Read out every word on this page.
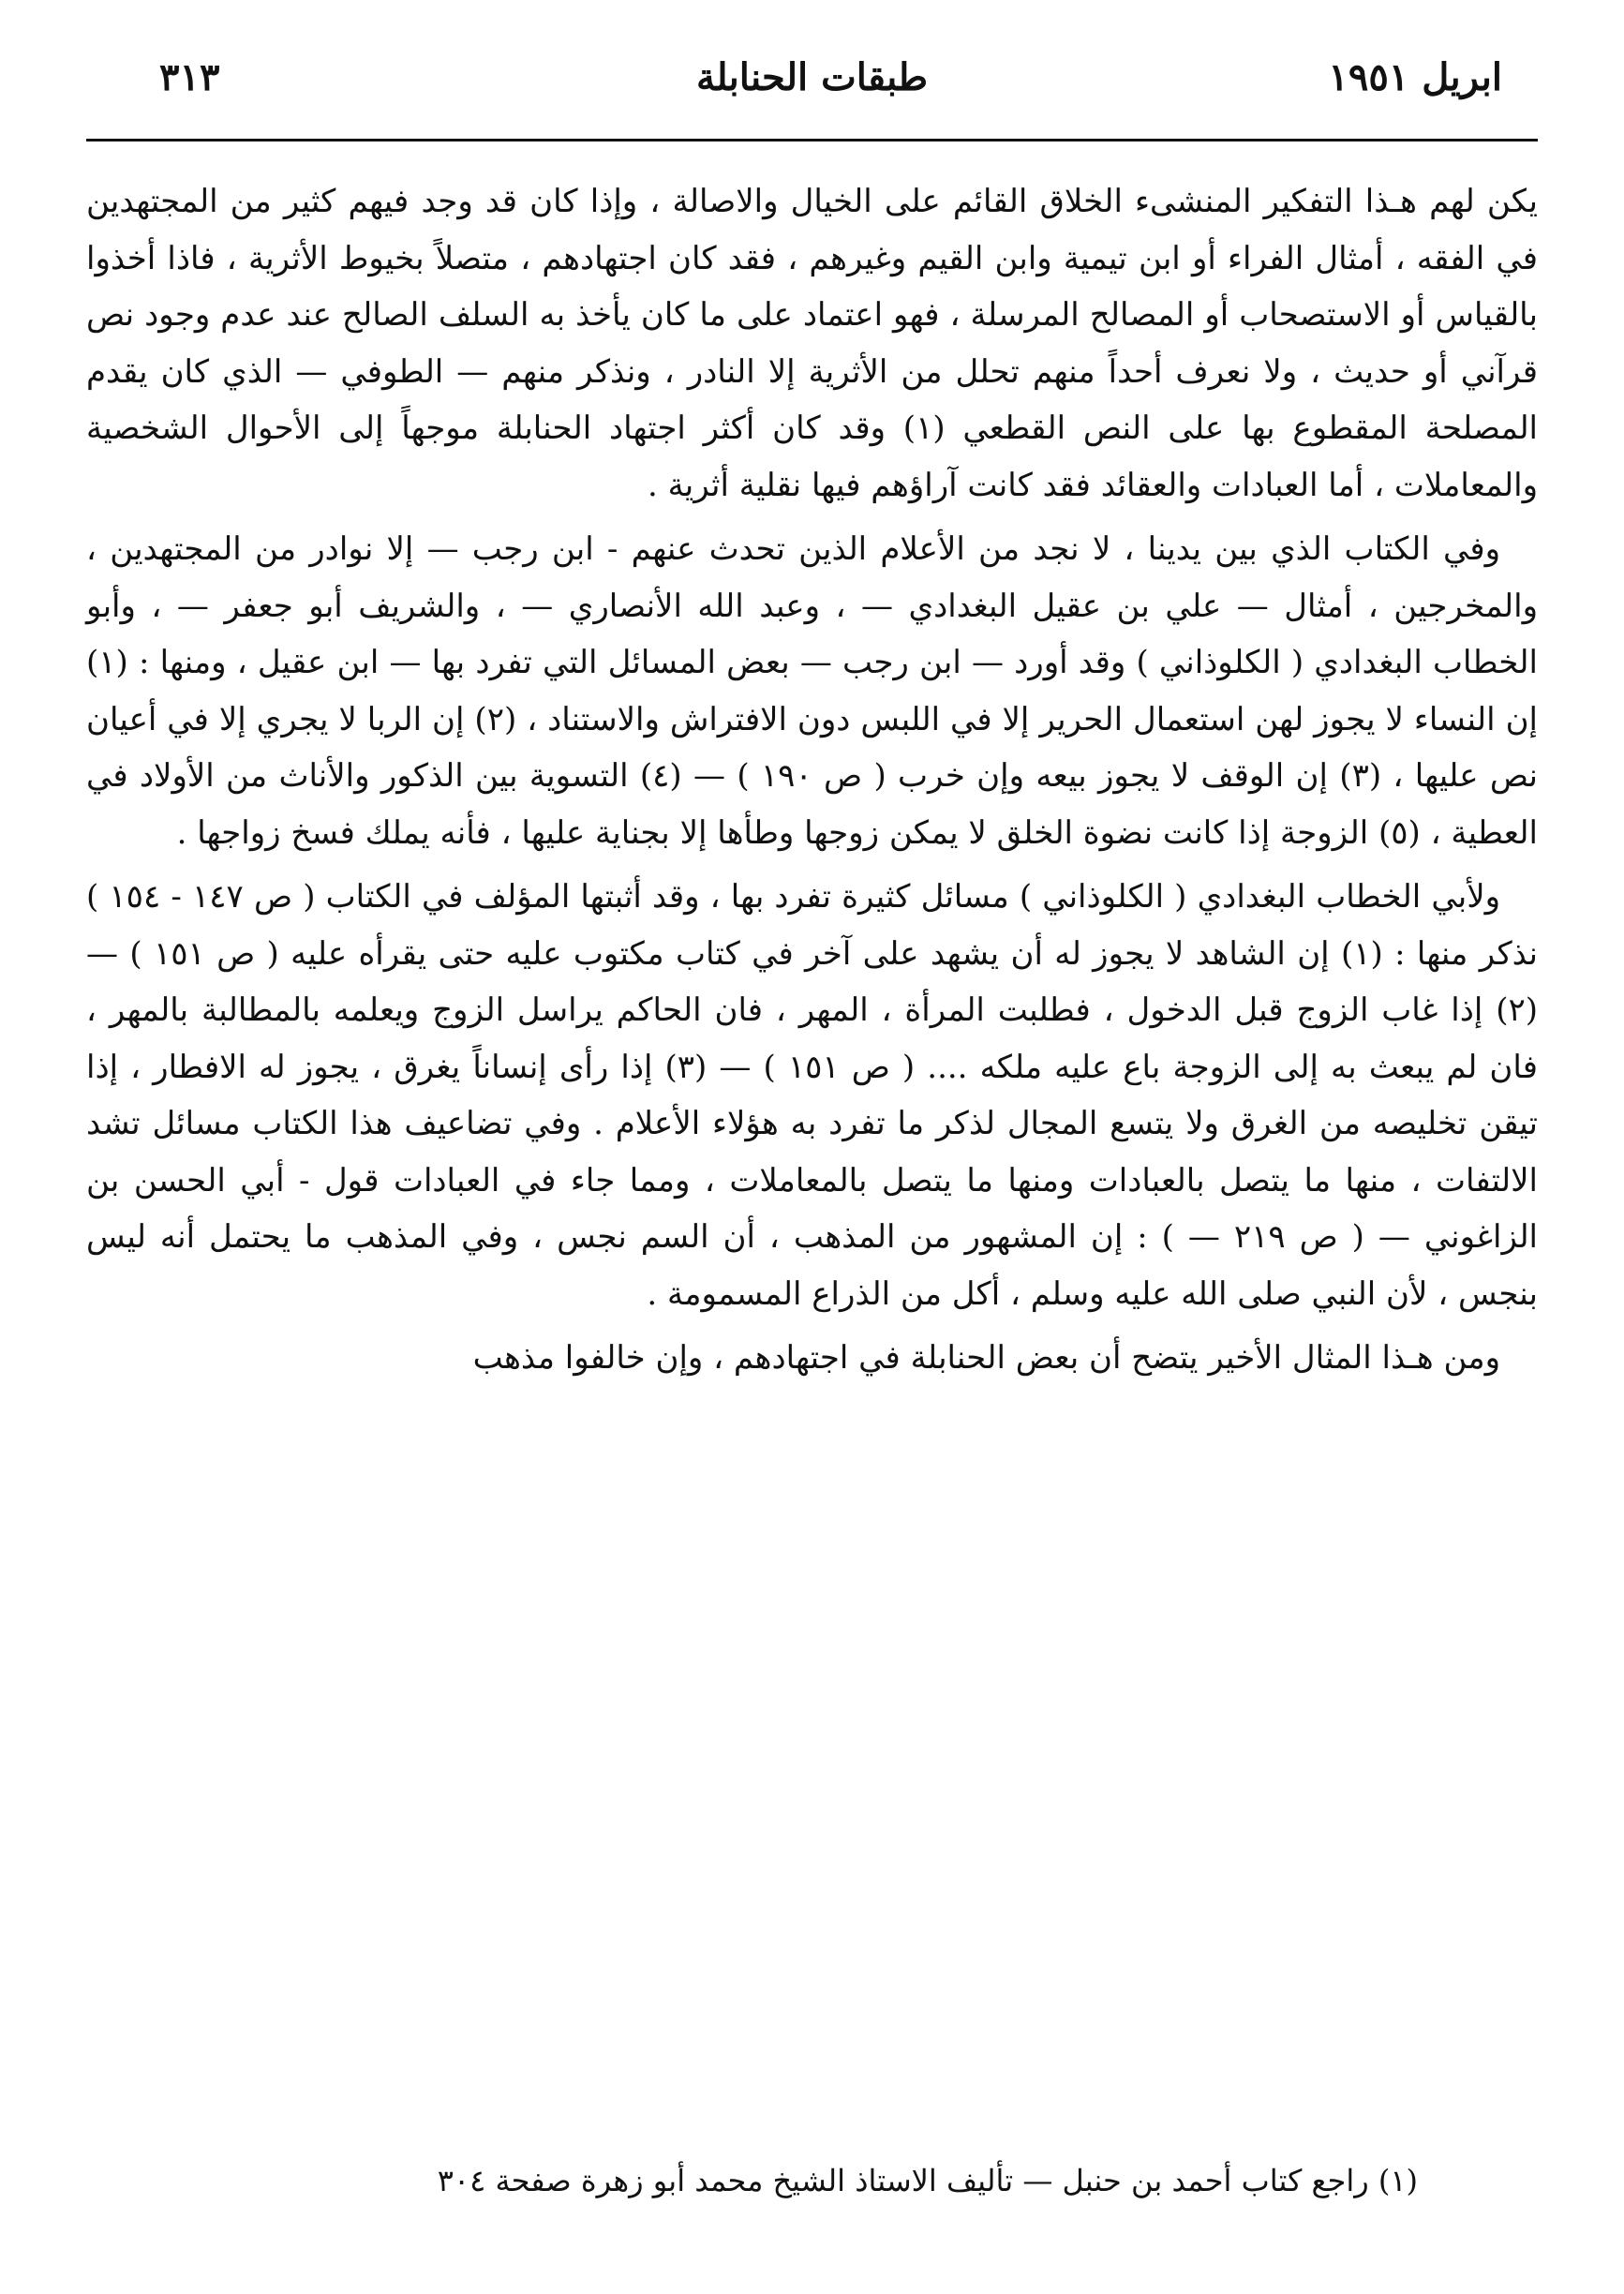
ابريل ١٩٥١
طبقات الحنابلة
٣١٣

يكن لهم هـذا التفكير المنشىء الخلاق القائم على الخيال والاصالة ، وإذا كان قد وجد فيهم كثير من المجتهدين في الفقه ، أمثال الفراء أو ابن تيمية وابن القيم وغيرهم ، فقد كان اجتهادهم ، متصلاً بخيوط الأثرية ، فاذا أخذوا بالقياس أو الاستصحاب أو المصالح المرسلة ، فهو اعتماد على ما كان يأخذ به السلف الصالح عند عدم وجود نص قرآني أو حديث ، ولا نعرف أحداً منهم تحلل من الأثرية إلا النادر ، ونذكر منهم — الطوفي — الذي كان يقدم المصلحة المقطوع بها على النص القطعي (١) وقد كان أكثر اجتهاد الحنابلة موجهاً إلى الأحوال الشخصية والمعاملات ، أما العبادات والعقائد فقد كانت آراؤهم فيها نقلية أثرية .

وفي الكتاب الذي بين يدينا ، لا نجد من الأعلام الذين تحدث عنهم - ابن رجب — إلا نوادر من المجتهدين ، والمخرجين ، أمثال — علي بن عقيل البغدادي — ، وعبد الله الأنصاري — ، والشريف أبو جعفر — ، وأبو الخطاب البغدادي ( الكلوذاني ) وقد أورد — ابن رجب — بعض المسائل التي تفرد بها — ابن عقيل ، ومنها : (١) إن النساء لا يجوز لهن استعمال الحرير إلا في اللبس دون الافتراش والاستناد ، (٢) إن الربا لا يجري إلا في أعيان نص عليها ، (٣) إن الوقف لا يجوز بيعه وإن خرب ( ص ١٩٠ ) — (٤) التسوية بين الذكور والأناث من الأولاد في العطية ، (٥) الزوجة إذا كانت نضوة الخلق لا يمكن زوجها وطأها إلا بجناية عليها ، فأنه يملك فسخ زواجها .

ولأبي الخطاب البغدادي ( الكلوذاني ) مسائل كثيرة تفرد بها ، وقد أثبتها المؤلف في الكتاب ( ص ١٤٧ - ١٥٤ ) نذكر منها : (١) إن الشاهد لا يجوز له أن يشهد على آخر في كتاب مكتوب عليه حتى يقرأه عليه ( ص ١٥١ ) — (٢) إذا غاب الزوج قبل الدخول ، فطلبت المرأة ، المهر ، فان الحاكم يراسل الزوج ويعلمه بالمطالبة بالمهر ، فان لم يبعث به إلى الزوجة باع عليه ملكه .... ( ص ١٥١ ) — (٣) إذا رأى إنساناً يغرق ، يجوز له الافطار ، إذا تيقن تخليصه من الغرق ولا يتسع المجال لذكر ما تفرد به هؤلاء الأعلام . وفي تضاعيف هذا الكتاب مسائل تشد الالتفات ، منها ما يتصل بالعبادات ومنها ما يتصل بالمعاملات ، ومما جاء في العبادات قول - أبي الحسن بن الزاغوني — ( ص ٢١٩ — ) : إن المشهور من المذهب ، أن السم نجس ، وفي المذهب ما يحتمل أنه ليس بنجس ، لأن النبي صلى الله عليه وسلم ، أكل من الذراع المسمومة .

ومن هـذا المثال الأخير يتضح أن بعض الحنابلة في اجتهادهم ، وإن خالفوا مذهب

(١) راجع كتاب أحمد بن حنبل — تأليف الاستاذ الشيخ محمد أبو زهرة صفحة ٣٠٤
